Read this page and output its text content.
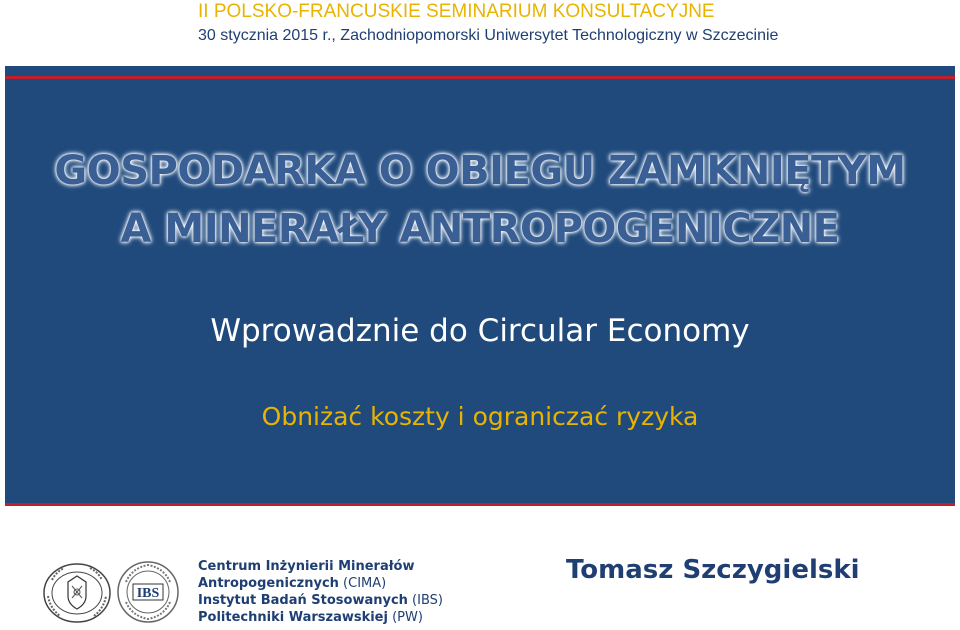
II POLSKO-FRANCUSKIE SEMINARIUM KONSULTACYJNE
30 stycznia 2015 r., Zachodniopomorski Uniwersytet Technologiczny w Szczecinie
GOSPODARKA O OBIEGU ZAMKNIĘTYM
A MINERAŁY ANTROPOGENICZNE
Wprowadznie do Circular Economy
Obniżać koszty i ograniczać ryzyka
IBS
Centrum Inżynierii Minerałów
Antropogenicznych (CIMA)
Instytut Badań Stosowanych (IBS)
Politechniki Warszawskiej (PW)
Tomasz Szczygielski
